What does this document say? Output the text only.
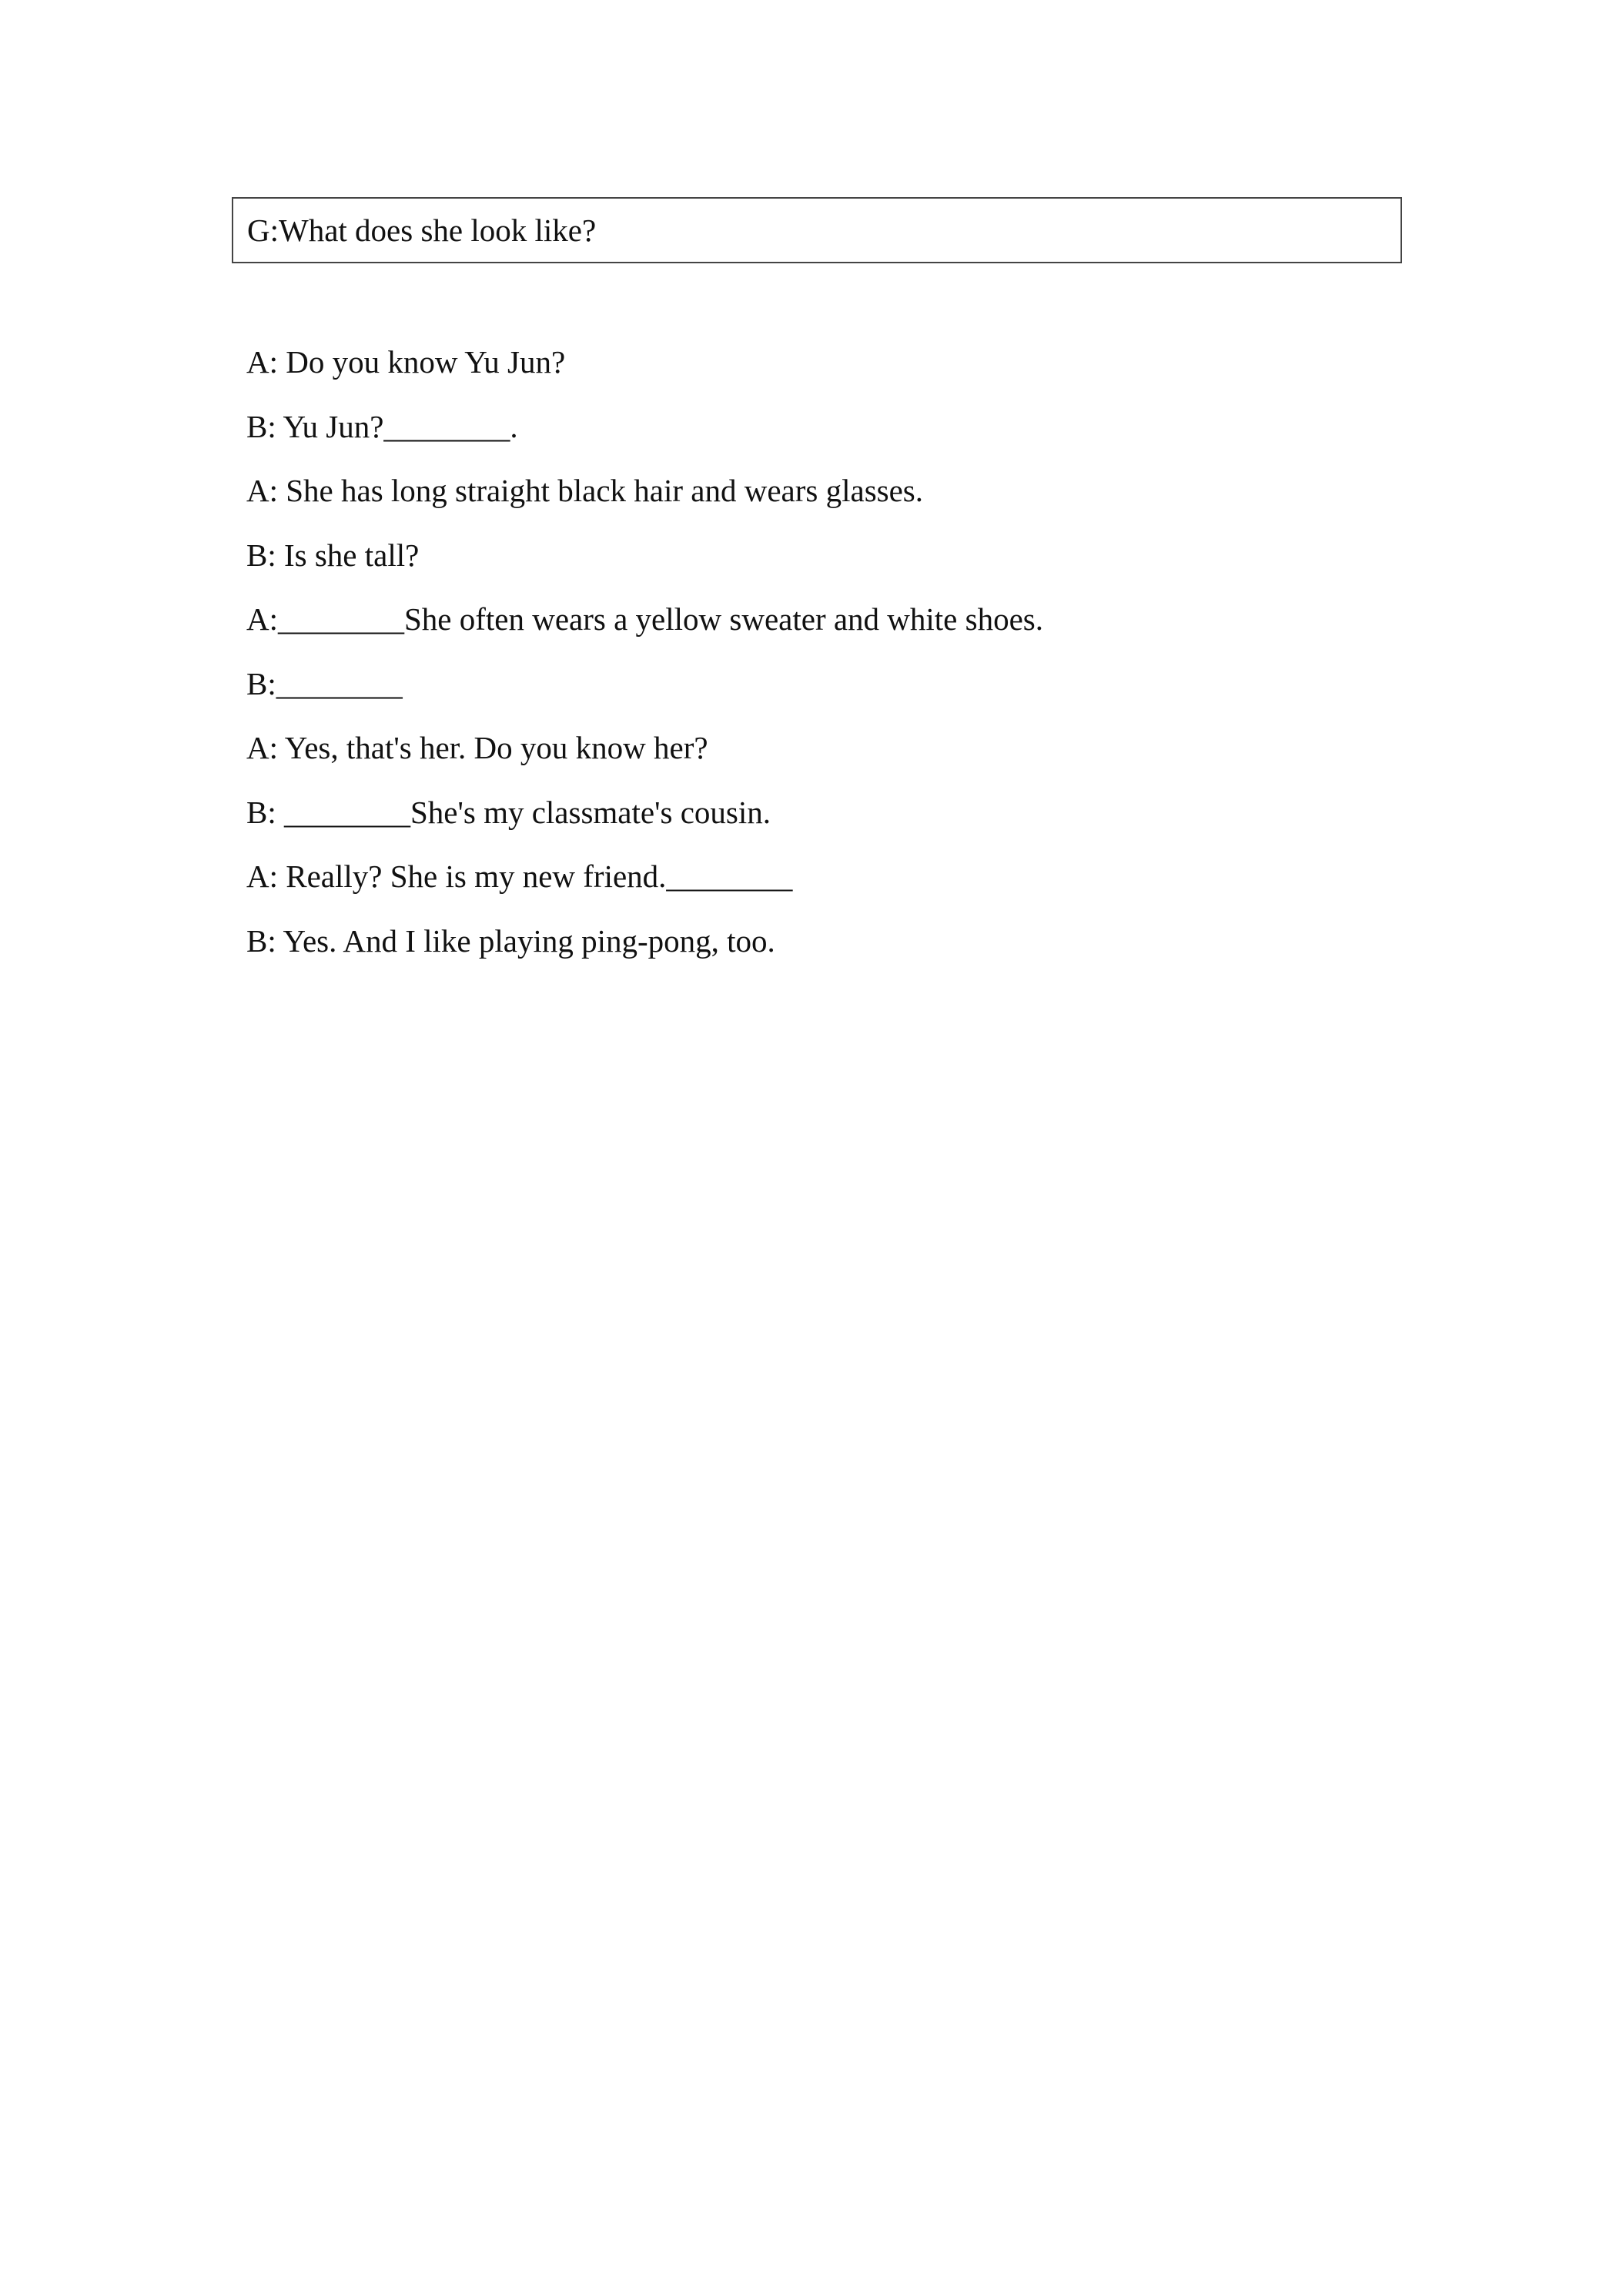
G:What does she look like?
A: Do you know Yu Jun?
B: Yu Jun?________.
A: She has long straight black hair and wears glasses.
B: Is she tall?
A:________She often wears a yellow sweater and white shoes.
B:________
A: Yes, that's her. Do you know her?
B: ________She's my classmate's cousin.
A: Really? She is my new friend.________
B: Yes. And I like playing ping-pong, too.
